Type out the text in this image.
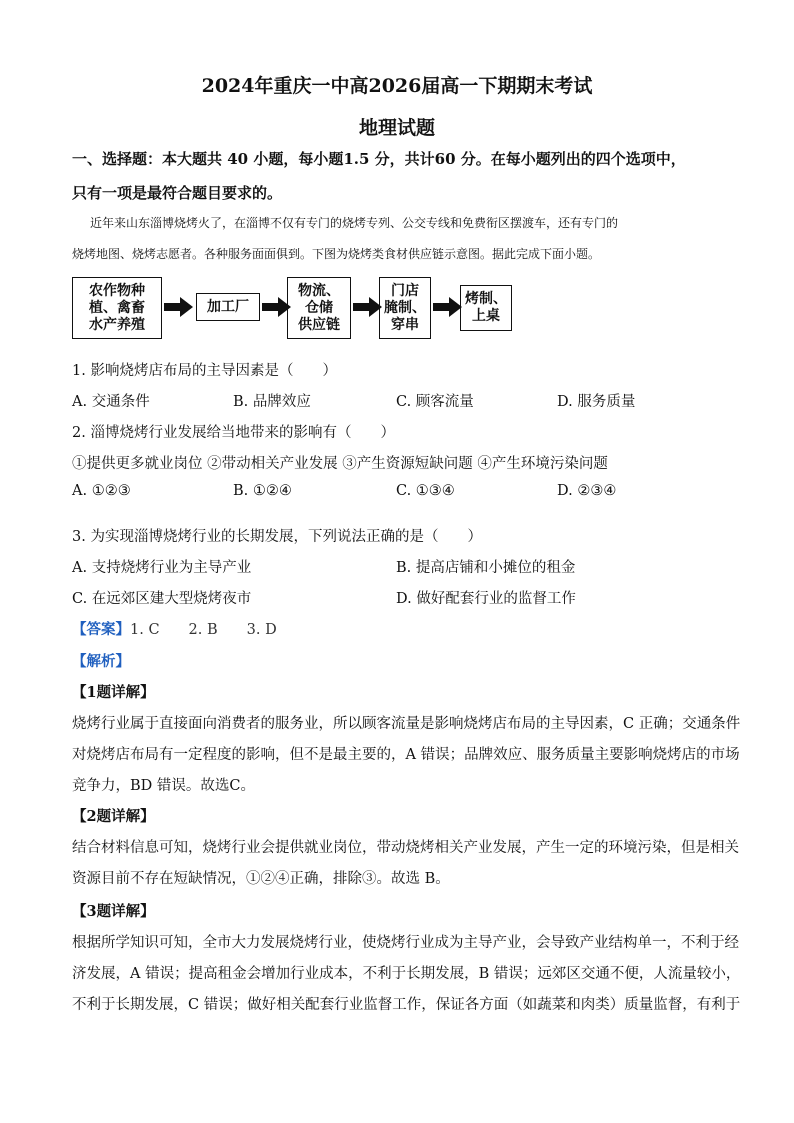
2024年重庆一中高2026届高一下期期末考试
地理试题
一、选择题：本大题共 40 小题，每小题1.5 分，共计60 分。在每小题列出的四个选项中，
只有一项是最符合题目要求的。
近年来山东淄博烧烤火了，在淄博不仅有专门的烧烤专列、公交专线和免费衔区摆渡车，还有专门的
烧烤地图、烧烤志愿者。各种服务面面俱到。下图为烧烤类食材供应链示意图。据此完成下面小题。
农作物种
植、禽畜
水产养殖
加工厂
物流、
仓储
供应链
门店
腌制、
穿串
烤制、
上桌
1. 影响烧烤店布局的主导因素是（　　）
A. 交通条件	B. 品牌效应	C. 顾客流量	D. 服务质量
2. 淄博烧烤行业发展给当地带来的影响有（　　）
①提供更多就业岗位 ②带动相关产业发展 ③产生资源短缺问题 ④产生环境污染问题
A. ①②③	B. ①②④	C. ①③④	D. ②③④
3. 为实现淄博烧烤行业的长期发展，下列说法正确的是（　　）
A. 支持烧烤行业为主导产业	B. 提高店铺和小摊位的租金
C. 在远郊区建大型烧烤夜市	D. 做好配套行业的监督工作
【答案】1. C　　2. B　　3. D
【解析】
【1题详解】
烧烤行业属于直接面向消费者的服务业，所以顾客流量是影响烧烤店布局的主导因素，C 正确；交通条件
对烧烤店布局有一定程度的影响，但不是最主要的，A 错误；品牌效应、服务质量主要影响烧烤店的市场
竞争力，BD 错误。故选C。
【2题详解】
结合材料信息可知，烧烤行业会提供就业岗位，带动烧烤相关产业发展，产生一定的环境污染，但是相关
资源目前不存在短缺情况，①②④正确，排除③。故选 B。
【3题详解】
根据所学知识可知，全市大力发展烧烤行业，使烧烤行业成为主导产业，会导致产业结构单一，不利于经
济发展，A 错误；提高租金会增加行业成本，不利于长期发展，B 错误；远郊区交通不便，人流量较小，
不利于长期发展，C 错误；做好相关配套行业监督工作，保证各方面（如蔬菜和肉类）质量监督，有利于
